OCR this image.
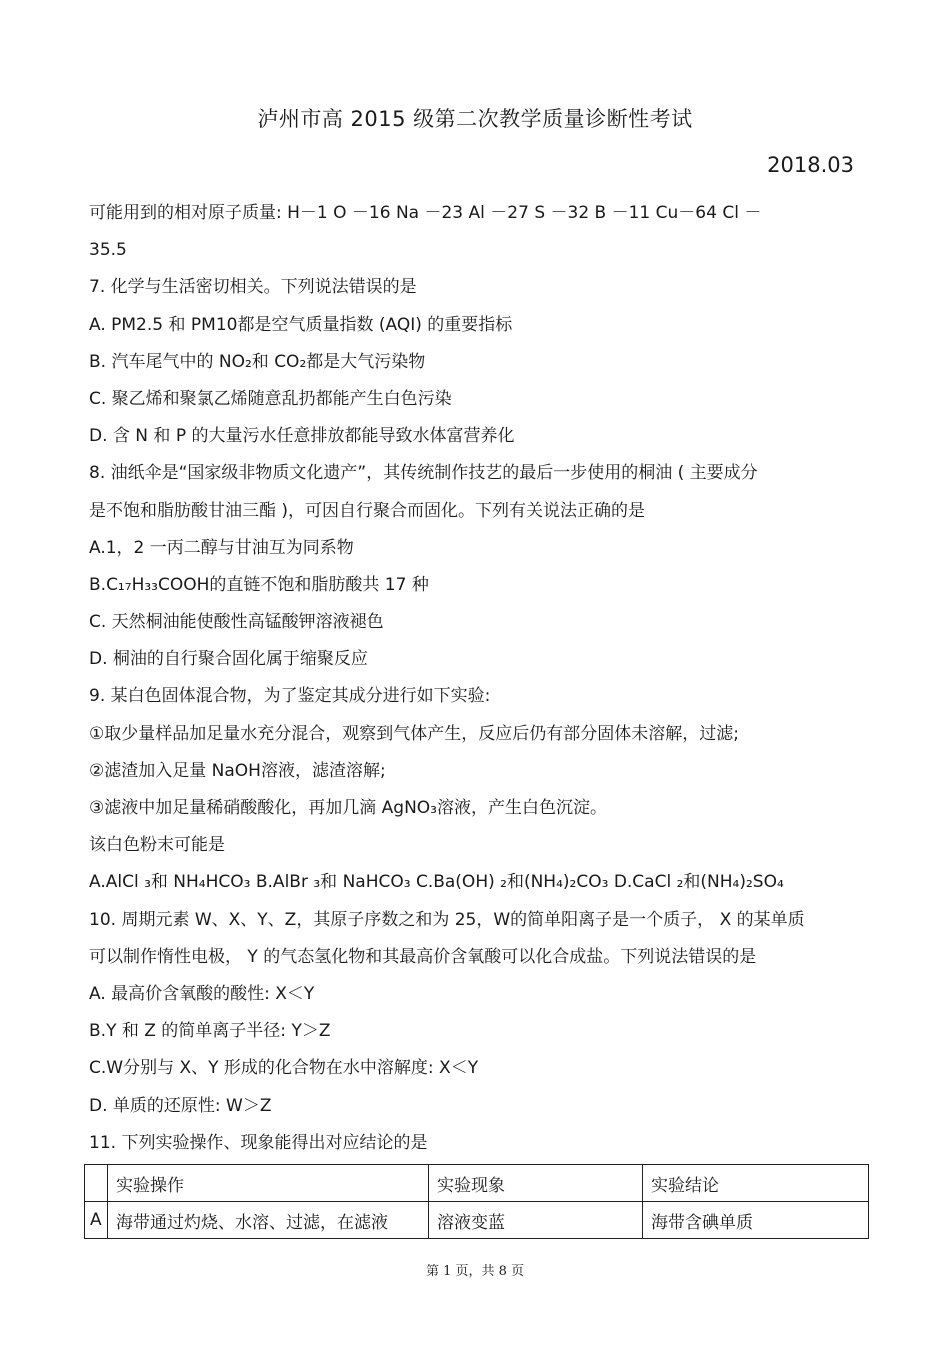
泸州市高 2015 级第二次教学质量诊断性考试
2018.03
可能用到的相对原子质量: H－1 O －16 Na －23 Al －27 S －32 B －11 Cu－64 Cl －
35.5
7. 化学与生活密切相关。下列说法错误的是
A. PM2.5 和 PM10都是空气质量指数 (AQI) 的重要指标
B. 汽车尾气中的 NO₂和 CO₂都是大气污染物
C. 聚乙烯和聚氯乙烯随意乱扔都能产生白色污染
D. 含 N 和 P 的大量污水任意排放都能导致水体富营养化
8. 油纸伞是“国家级非物质文化遗产”，其传统制作技艺的最后一步使用的桐油 ( 主要成分
是不饱和脂肪酸甘油三酯 )，可因自行聚合而固化。下列有关说法正确的是
A.1，2 一丙二醇与甘油互为同系物
B.C₁₇H₃₃COOH的直链不饱和脂肪酸共 17 种
C. 天然桐油能使酸性高锰酸钾溶液褪色
D. 桐油的自行聚合固化属于缩聚反应
9. 某白色固体混合物，为了鉴定其成分进行如下实验:
①取少量样品加足量水充分混合，观察到气体产生，反应后仍有部分固体未溶解，过滤;
②滤渣加入足量 NaOH溶液，滤渣溶解;
③滤液中加足量稀硝酸酸化，再加几滴 AgNO₃溶液，产生白色沉淀。
该白色粉末可能是
A.AlCl ₃和 NH₄HCO₃ B.AlBr ₃和 NaHCO₃ C.Ba(OH) ₂和(NH₄)₂CO₃ D.CaCl ₂和(NH₄)₂SO₄
10. 周期元素 W、X、Y、Z，其原子序数之和为 25，W的简单阳离子是一个质子， X 的某单质
可以制作惰性电极， Y 的气态氢化物和其最高价含氧酸可以化合成盐。下列说法错误的是
A. 最高价含氧酸的酸性: X＜Y
B.Y 和 Z 的简单离子半径: Y＞Z
C.W分别与 X、Y 形成的化合物在水中溶解度: X＜Y
D. 单质的还原性: W＞Z
11. 下列实验操作、现象能得出对应结论的是
	实验操作	实验现象	实验结论
A	海带通过灼烧、水溶、过滤，在滤液	溶液变蓝	海带含碘单质
第 1 页，共 8 页
